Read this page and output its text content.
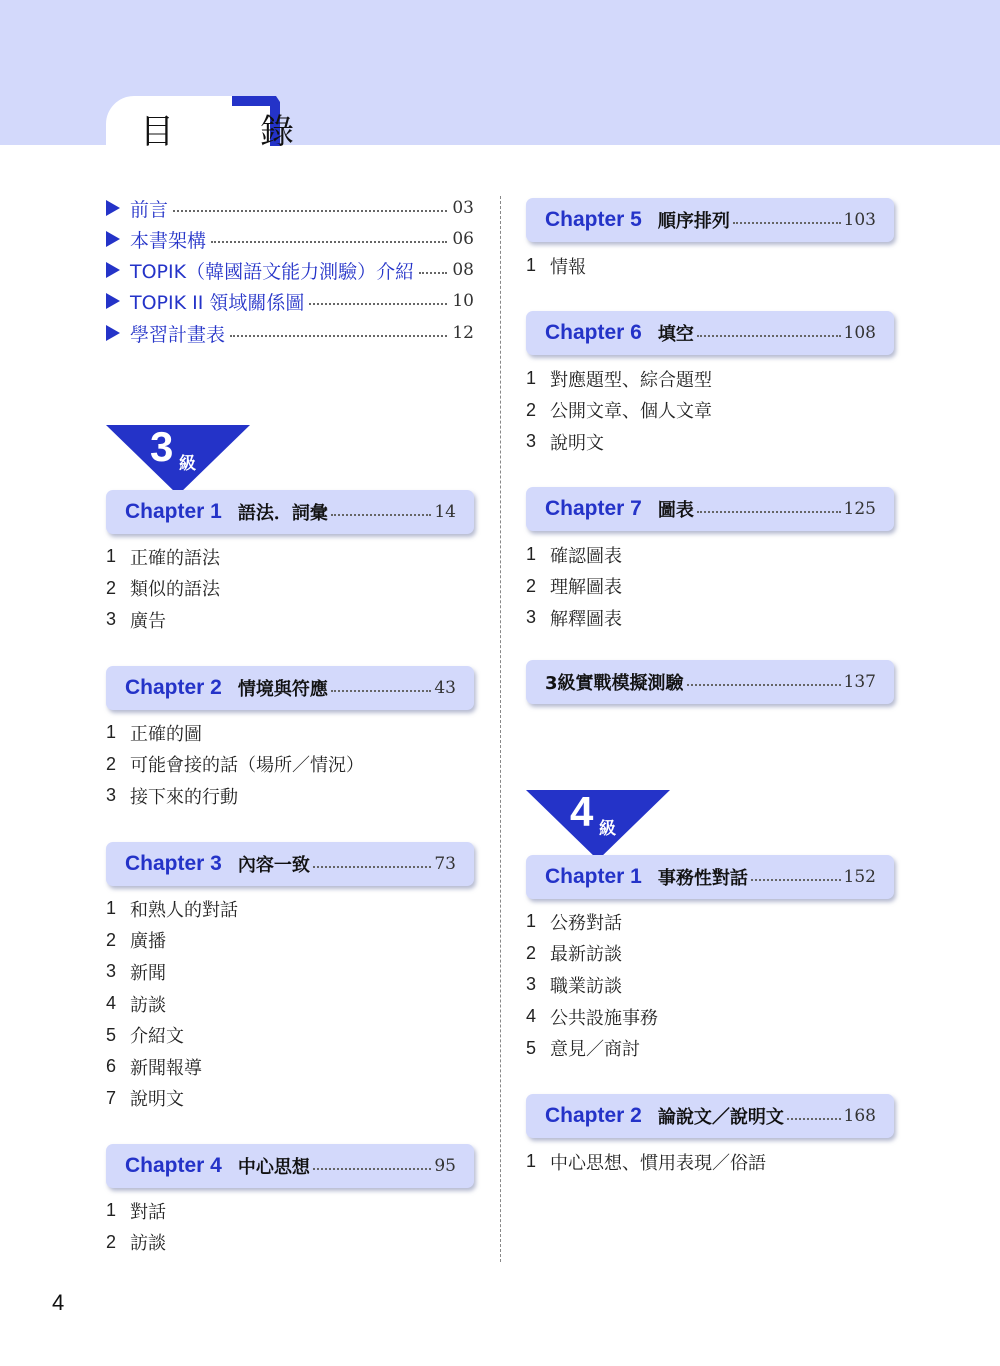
目　錄
前言	03
本書架構	06
TOPIK（韓國語文能力測驗）介紹 08
TOPIK II 領域關係圖	10
學習計畫表	12
3 級
Chapter 1 語法．詞彙	14
1 正確的語法
2 類似的語法
3 廣告
Chapter 2 情境與符應	43
1 正確的圖
2 可能會接的話（場所／情況）
3 接下來的行動
Chapter 3 內容一致	73
1 和熟人的對話
2 廣播
3 新聞
4 訪談
5 介紹文
6 新聞報導
7 說明文
Chapter 4 中心思想	95
1 對話
2 訪談
Chapter 5 順序排列	103
1 情報
Chapter 6 填空	108
1 對應題型、綜合題型
2 公開文章、個人文章
3 說明文
Chapter 7 圖表	125
1 確認圖表
2 理解圖表
3 解釋圖表
3級實戰模擬測驗	137
4 級
Chapter 1 事務性對話	152
1 公務對話
2 最新訪談
3 職業訪談
4 公共設施事務
5 意見／商討
Chapter 2 論說文／說明文	168
1 中心思想、慣用表現／俗語
4
